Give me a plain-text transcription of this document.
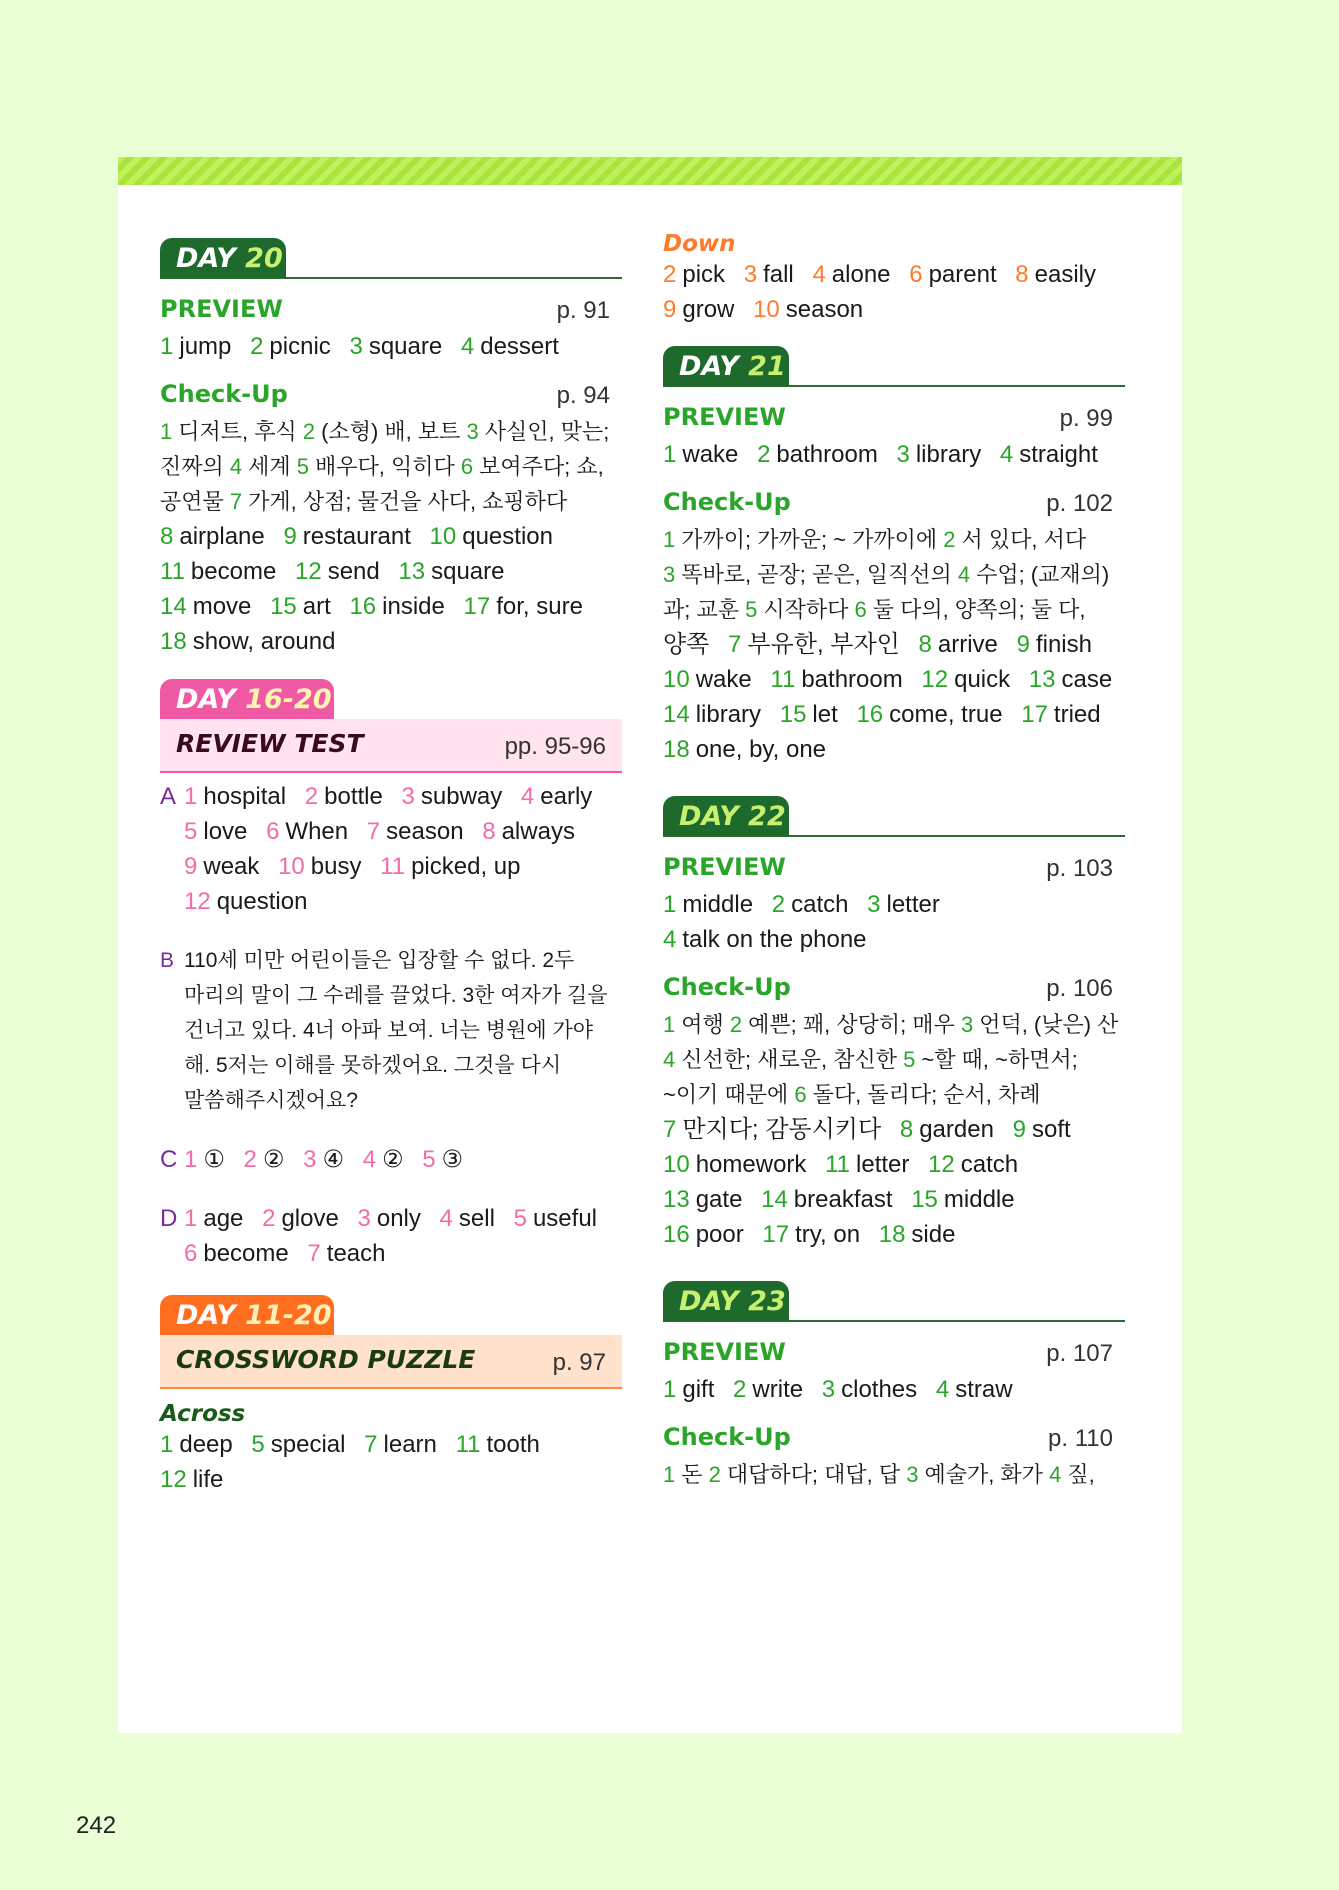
DAY 20
PREVIEW	p. 91
1 jump 2 picnic 3 square 4 dessert
Check-Up	p. 94
1 디저트, 후식 2 (소형) 배, 보트 3 사실인, 맞는;
진짜의 4 세계 5 배우다, 익히다 6 보여주다; 쇼,
공연물 7 가게, 상점; 물건을 사다, 쇼핑하다
8 airplane 9 restaurant 10 question 11 become 12 send 13 square 14 move 15 art 16 inside 17 for, sure 18 show, around
DAY 16-20
REVIEW TEST	pp. 95-96
A 1 hospital 2 bottle 3 subway 4 early 5 love 6 When 7 season 8 always 9 weak 10 busy 11 picked, up 12 question
B 110세 미만 어린이들은 입장할 수 없다. 2두
마리의 말이 그 수레를 끌었다. 3한 여자가 길을
건너고 있다. 4너 아파 보여. 너는 병원에 가야
해. 5저는 이해를 못하겠어요. 그것을 다시
말씀해주시겠어요?
C 1 ① 2 ② 3 ④ 4 ② 5 ③
D 1 age 2 glove 3 only 4 sell 5 useful 6 become 7 teach
DAY 11-20
CROSSWORD PUZZLE	p. 97
Across
1 deep 5 special 7 learn 11 tooth 12 life
Down
2 pick 3 fall 4 alone 6 parent 8 easily 9 grow 10 season
DAY 21
PREVIEW	p. 99
1 wake 2 bathroom 3 library 4 straight
Check-Up	p. 102
1 가까이; 가까운; ~ 가까이에 2 서 있다, 서다
3 똑바로, 곧장; 곧은, 일직선의 4 수업; (교재의)
과; 교훈 5 시작하다 6 둘 다의, 양쪽의; 둘 다,
양쪽 7 부유한, 부자인 8 arrive 9 finish 10 wake 11 bathroom 12 quick 13 case 14 library 15 let 16 come, true 17 tried 18 one, by, one
DAY 22
PREVIEW	p. 103
1 middle 2 catch 3 letter 4 talk on the phone
Check-Up	p. 106
1 여행 2 예쁜; 꽤, 상당히; 매우 3 언덕, (낮은) 산
4 신선한; 새로운, 참신한 5 ~할 때, ~하면서;
~이기 때문에 6 돌다, 돌리다; 순서, 차례
7 만지다; 감동시키다 8 garden 9 soft 10 homework 11 letter 12 catch 13 gate 14 breakfast 15 middle 16 poor 17 try, on 18 side
DAY 23
PREVIEW	p. 107
1 gift 2 write 3 clothes 4 straw
Check-Up	p. 110
1 돈 2 대답하다; 대답, 답 3 예술가, 화가 4 짚,
242
